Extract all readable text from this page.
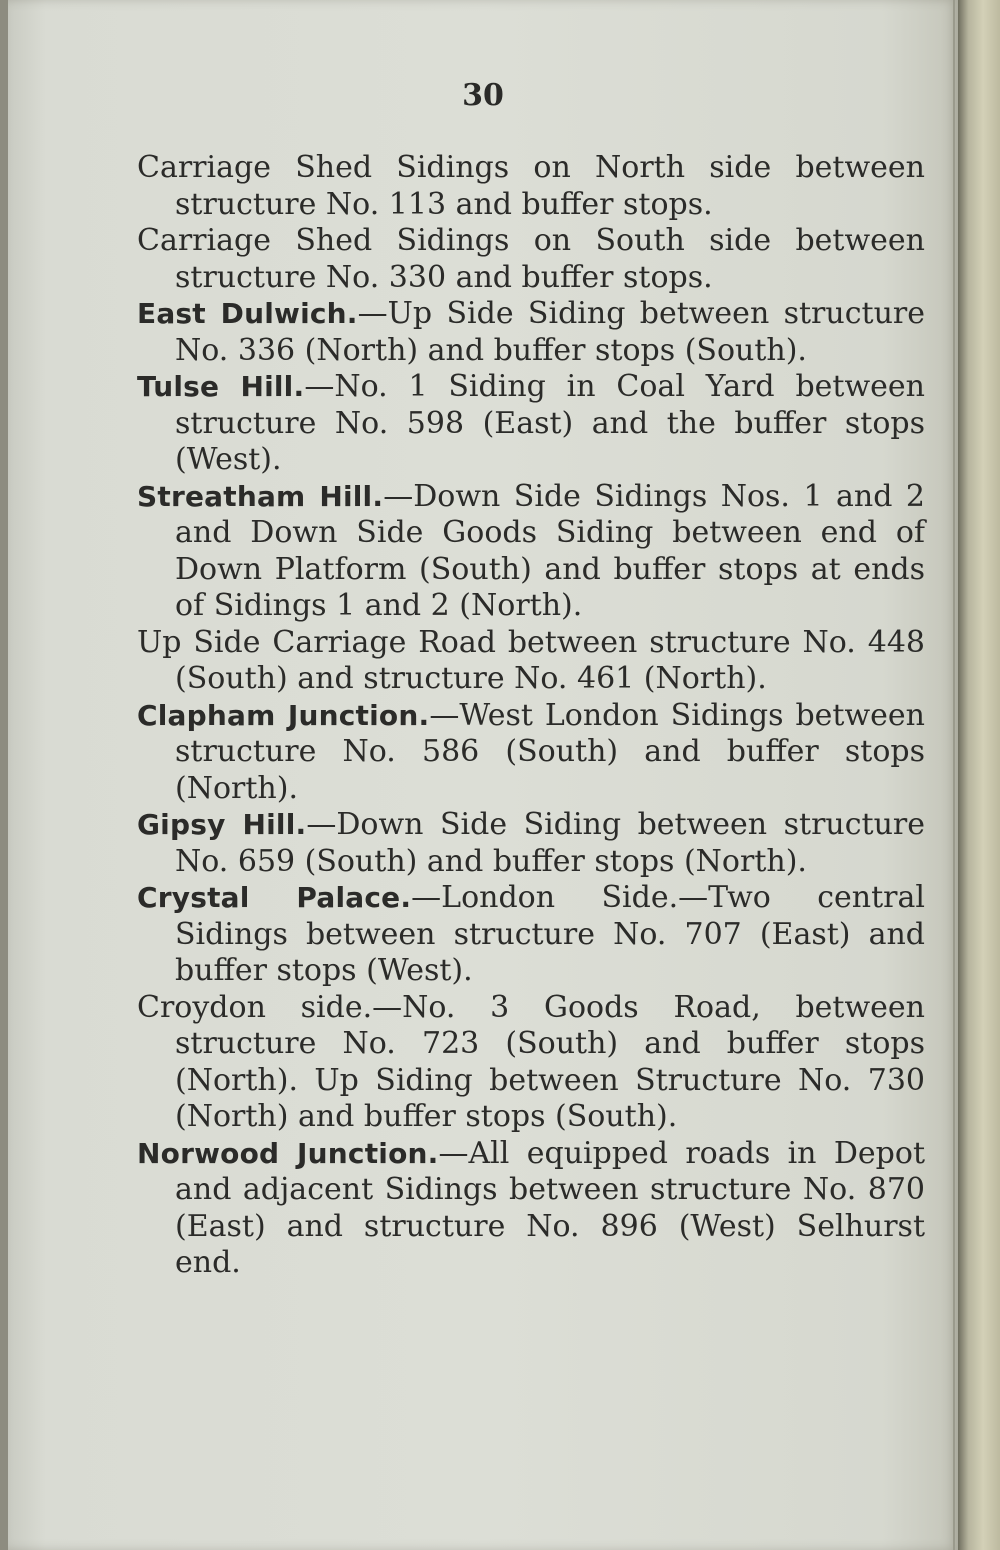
30

Carriage Shed Sidings on North side between structure No. 113 and buffer stops.

Carriage Shed Sidings on South side between structure No. 330 and buffer stops.

East Dulwich.—Up Side Siding between structure No. 336 (North) and buffer stops (South).

Tulse Hill.—No. 1 Siding in Coal Yard between structure No. 598 (East) and the buffer stops (West).

Streatham Hill.—Down Side Sidings Nos. 1 and 2 and Down Side Goods Siding between end of Down Platform (South) and buffer stops at ends of Sidings 1 and 2 (North).

Up Side Carriage Road between structure No. 448 (South) and structure No. 461 (North).

Clapham Junction.—West London Sidings between structure No. 586 (South) and buffer stops (North).

Gipsy Hill.—Down Side Siding between structure No. 659 (South) and buffer stops (North).

Crystal Palace.—London Side.—Two central Sidings between structure No. 707 (East) and buffer stops (West).

Croydon side.—No. 3 Goods Road, between structure No. 723 (South) and buffer stops (North). Up Siding between Structure No. 730 (North) and buffer stops (South).

Norwood Junction.—All equipped roads in Depot and adjacent Sidings between structure No. 870 (East) and structure No. 896 (West) Selhurst end.
